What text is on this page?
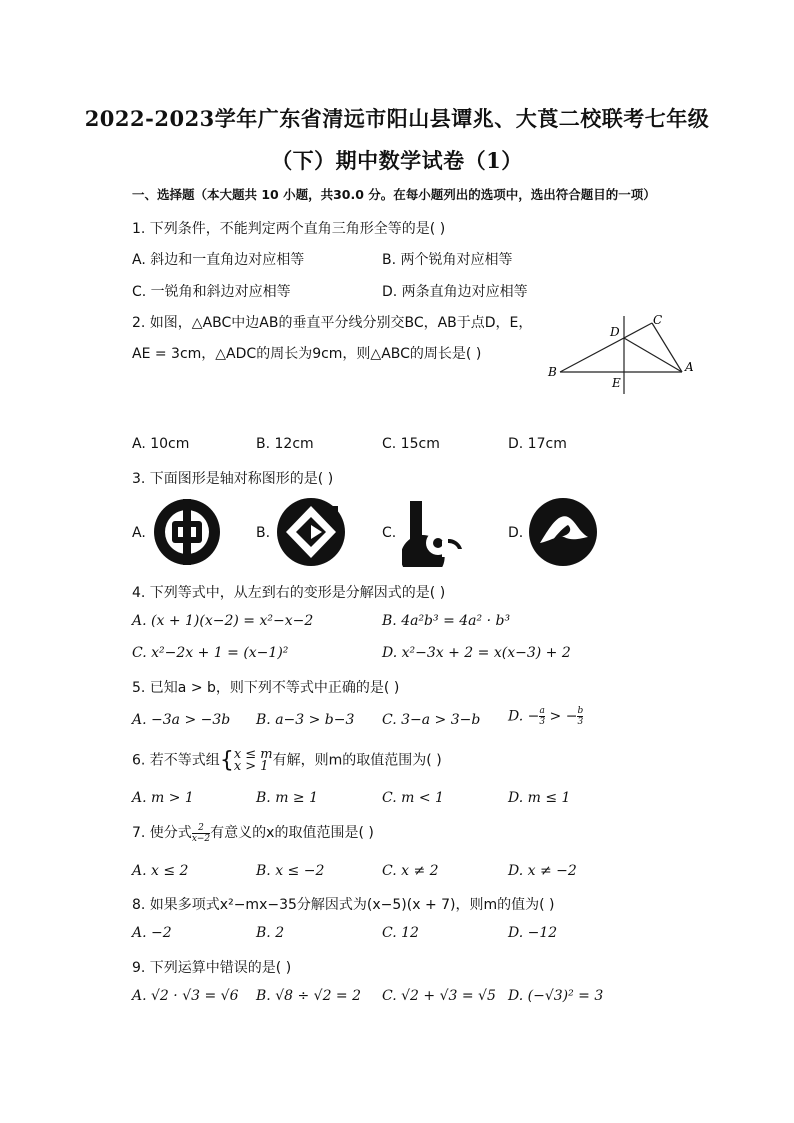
2022-2023学年广东省清远市阳山县谭兆、大莨二校联考七年级
（下）期中数学试卷（1）
一、选择题（本大题共 10 小题，共30.0 分。在每小题列出的选项中，选出符合题目的一项）
1. 下列条件，不能判定两个直角三角形全等的是( )
A. 斜边和一直角边对应相等	B. 两个锐角对应相等
C. 一锐角和斜边对应相等	D. 两条直角边对应相等
2. 如图，△ABC中边AB的垂直平分线分别交BC，AB于点D，E，
AE = 3cm，△ADC的周长为9cm，则△ABC的周长是( )
B	A
C
D
E
A. 10cm	B. 12cm	C. 15cm	D. 17cm
3. 下面图形是轴对称图形的是( )
A.	B.	C.	D.
4. 下列等式中，从左到右的变形是分解因式的是( )
A. (x + 1)(x−2) = x²−x−2	B. 4a²b³ = 4a² · b³
C. x²−2x + 1 = (x−1)²	D. x²−3x + 2 = x(x−3) + 2
5. 已知a > b，则下列不等式中正确的是( )
A. −3a > −3b B. a−3 > b−3 C. 3−a > 3−b D. − $\frac{a}{3}$ > − $\frac{b}{3}$
6. 若不等式组{ x ≤ m
x > 1 有解，则m的取值范围为( )
A. m > 1	B. m ≥ 1	C. m < 1	D. m ≤ 1
7. 使分式 $\frac{2}{x-2}$ 有意义的x的取值范围是( )
A. x ≤ 2	B. x ≤ −2	C. x ≠ 2	D. x ≠ −2
8. 如果多项式x²−mx−35分解因式为(x−5)(x + 7)，则m的值为( )
A. −2	B. 2	C. 12	D. −12
9. 下列运算中错误的是( )
A. √2 · √3 = √6 B. √8 ÷ √2 = 2 C. √2 + √3 = √5 D. (−√3)² = 3
